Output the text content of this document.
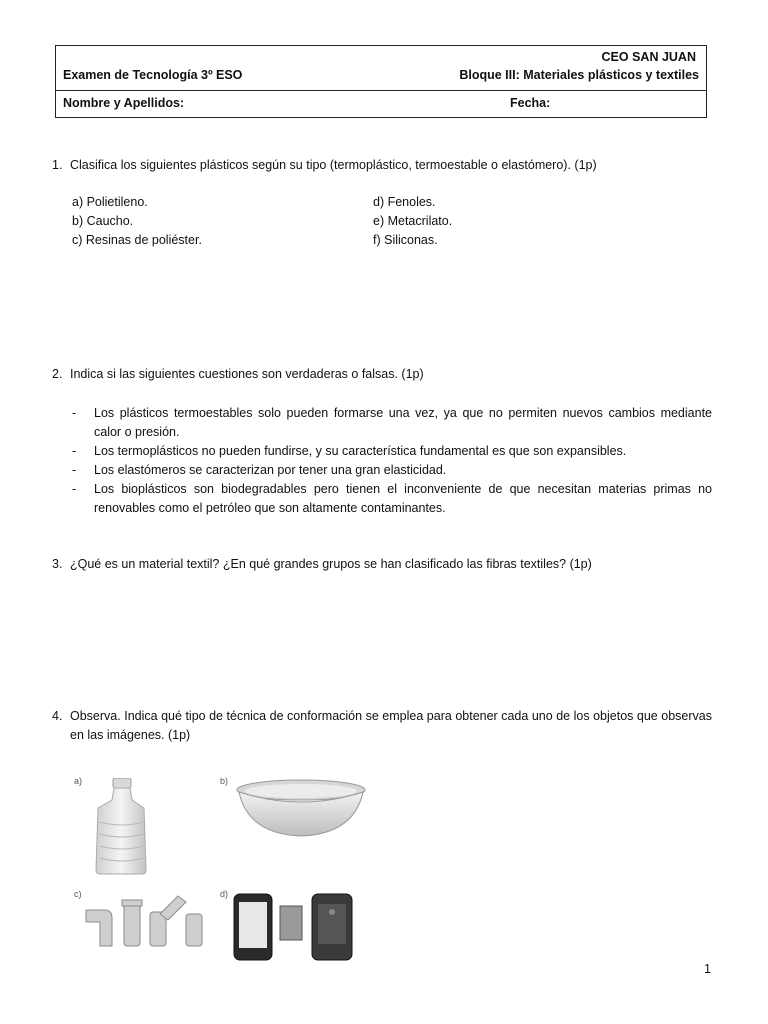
CEO SAN JUAN
Examen de Tecnología 3º ESO	Bloque III: Materiales plásticos y textiles
Nombre y Apellidos:	Fecha:
1. Clasifica los siguientes plásticos según su tipo (termoplástico, termoestable o elastómero). (1p)
a) Polietileno.
b) Caucho.
c) Resinas de poliéster.
d) Fenoles.
e) Metacrilato.
f) Siliconas.
2. Indica si las siguientes cuestiones son verdaderas o falsas. (1p)
- Los plásticos termoestables solo pueden formarse una vez, ya que no permiten nuevos cambios mediante calor o presión.
- Los termoplásticos no pueden fundirse, y su característica fundamental es que son expansibles.
- Los elastómeros se caracterizan por tener una gran elasticidad.
- Los bioplásticos son biodegradables pero tienen el inconveniente de que necesitan materias primas no renovables como el petróleo que son altamente contaminantes.
3. ¿Qué es un material textil? ¿En qué grandes grupos se han clasificado las fibras textiles? (1p)
4. Observa. Indica qué tipo de técnica de conformación se emplea para obtener cada uno de los objetos que observas en las imágenes. (1p)
a)	b)
c)	d)
1
